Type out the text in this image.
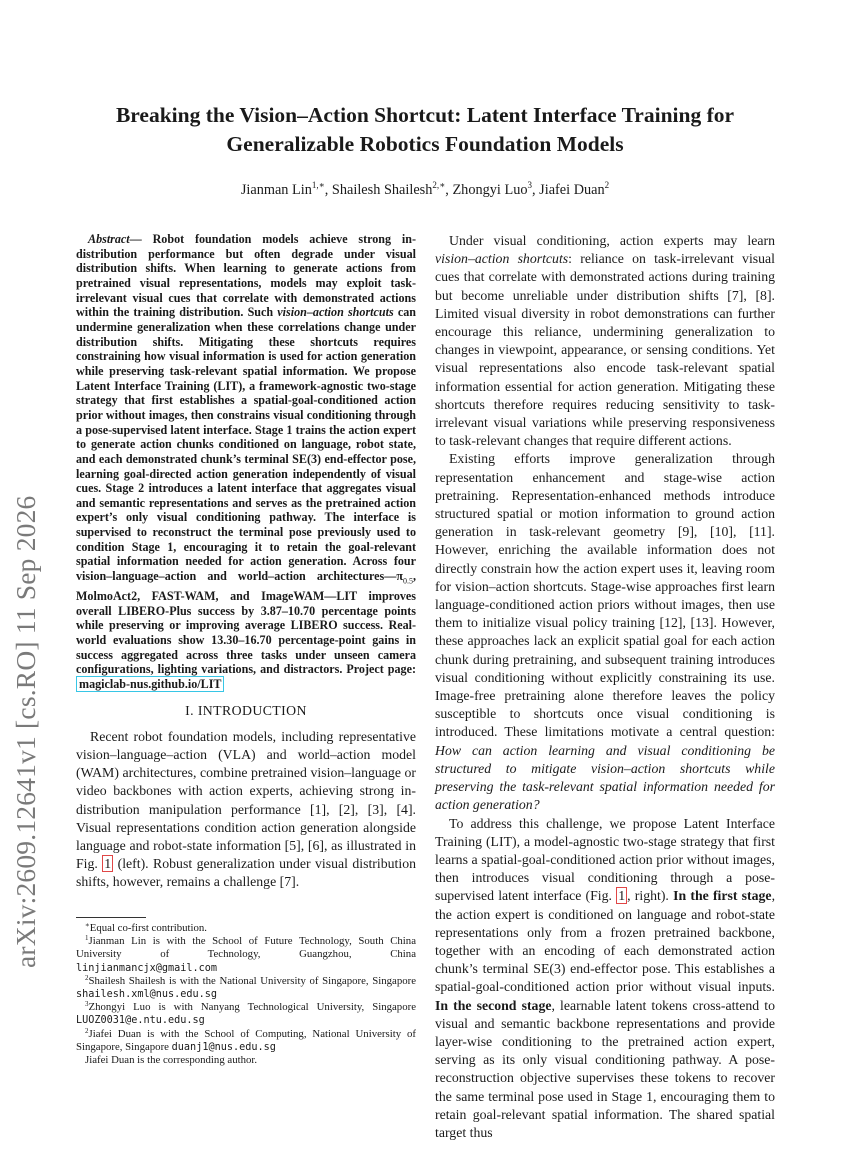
arXiv:2609.12641v1 [cs.RO] 11 Sep 2026
Breaking the Vision–Action Shortcut: Latent Interface Training for Generalizable Robotics Foundation Models
Jianman Lin$^{1,∗}$, Shailesh Shailesh$^{2,∗}$, Zhongyi Luo$^3$, Jiafei Duan$^2$

Abstract— Robot foundation models achieve strong in-distribution performance but often degrade under visual distribution shifts. When learning to generate actions from pretrained visual representations, models may exploit task-irrelevant visual cues that correlate with demonstrated actions within the training distribution. Such vision–action shortcuts can undermine generalization when these correlations change under distribution shifts. Mitigating these shortcuts requires constraining how visual information is used for action generation while preserving task-relevant spatial information. We propose Latent Interface Training (LIT), a framework-agnostic two-stage strategy that first establishes a spatial-goal-conditioned action prior without images, then constrains visual conditioning through a pose-supervised latent interface. Stage 1 trains the action expert to generate action chunks conditioned on language, robot state, and each demonstrated chunk’s terminal SE(3) end-effector pose, learning goal-directed action generation independently of visual cues. Stage 2 introduces a latent interface that aggregates visual and semantic representations and serves as the pretrained action expert’s only visual conditioning pathway. The interface is supervised to reconstruct the terminal pose previously used to condition Stage 1, encouraging it to retain the goal-relevant spatial information needed for action generation. Across four vision–language–action and world–action $architectures—\pi_{0.5}$, MolmoAct2, FAST-WAM, and ImageWAM—LIT improves overall LIBERO-Plus success by 3.87–10.70 percentage points while preserving or improving average LIBERO success. Real-world evaluations show 13.30–16.70 percentage-point gains in success aggregated across three tasks under unseen camera configurations, lighting variations, and distractors. Project page: magiclab-nus.github.io/LIT

I. INTRODUCTION

Recent robot foundation models, including representative vision–language–action (VLA) and world–action model (WAM) architectures, combine pretrained vision–language or video backbones with action experts, achieving strong in-distribution manipulation performance [1], [2], [3], [4]. Visual representations condition action generation alongside language and robot-state information [5], [6], as illustrated in Fig. 1 (left). Robust generalization under visual distribution shifts, however, remains a challenge [7].

∗Equal co-first contribution.

$^1$Jianman Lin is with the School of Future Technology, South China University of Technology, Guangzhou, China linjianmancjx@gmail.com

$^2$Shailesh Shailesh is with the National University of Singapore, Singapore shailesh.xml@nus.edu.sg

$^3$Zhongyi Luo is with Nanyang Technological University, Singapore LUOZ0031@e.ntu.edu.sg

$^2$Jiafei Duan is with the School of Computing, National University of Singapore, Singapore duanj1@nus.edu.sg

Jiafei Duan is the corresponding author.

Under visual conditioning, action experts may learn vision–action shortcuts: reliance on task-irrelevant visual cues that correlate with demonstrated actions during training but become unreliable under distribution shifts [7], [8]. Limited visual diversity in robot demonstrations can further encourage this reliance, undermining generalization to changes in viewpoint, appearance, or sensing conditions. Yet visual representations also encode task-relevant spatial information essential for action generation. Mitigating these shortcuts therefore requires reducing sensitivity to task-irrelevant visual variations while preserving responsiveness to task-relevant changes that require different actions.

Existing efforts improve generalization through representation enhancement and stage-wise action pretraining. Representation-enhanced methods introduce structured spatial or motion information to ground action generation in task-relevant geometry [9], [10], [11]. However, enriching the available information does not directly constrain how the action expert uses it, leaving room for vision–action shortcuts. Stage-wise approaches first learn language-conditioned action priors without images, then use them to initialize visual policy training [12], [13]. However, these approaches lack an explicit spatial goal for each action chunk during pretraining, and subsequent training introduces visual conditioning without explicitly constraining its use. Image-free pretraining alone therefore leaves the policy susceptible to shortcuts once visual conditioning is introduced. These limitations motivate a central question: How can action learning and visual conditioning be structured to mitigate vision–action shortcuts while preserving the task-relevant spatial information needed for action generation?

To address this challenge, we propose Latent Interface Training (LIT), a model-agnostic two-stage strategy that first learns a spatial-goal-conditioned action prior without images, then introduces visual conditioning through a pose-supervised latent interface (Fig. 1 , right). In the first stage, the action expert is conditioned on language and robot-state representations only from a frozen pretrained backbone, together with an encoding of each demonstrated action chunk’s terminal SE(3) end-effector pose. This establishes a spatial-goal-conditioned action prior without visual inputs. In the second stage, learnable latent tokens cross-attend to visual and semantic backbone representations and provide layer-wise conditioning to the pretrained action expert, serving as its only visual conditioning pathway. A pose-reconstruction objective supervises these tokens to recover the same terminal pose used in Stage 1, encouraging them to retain goal-relevant spatial information. The shared spatial target thus
